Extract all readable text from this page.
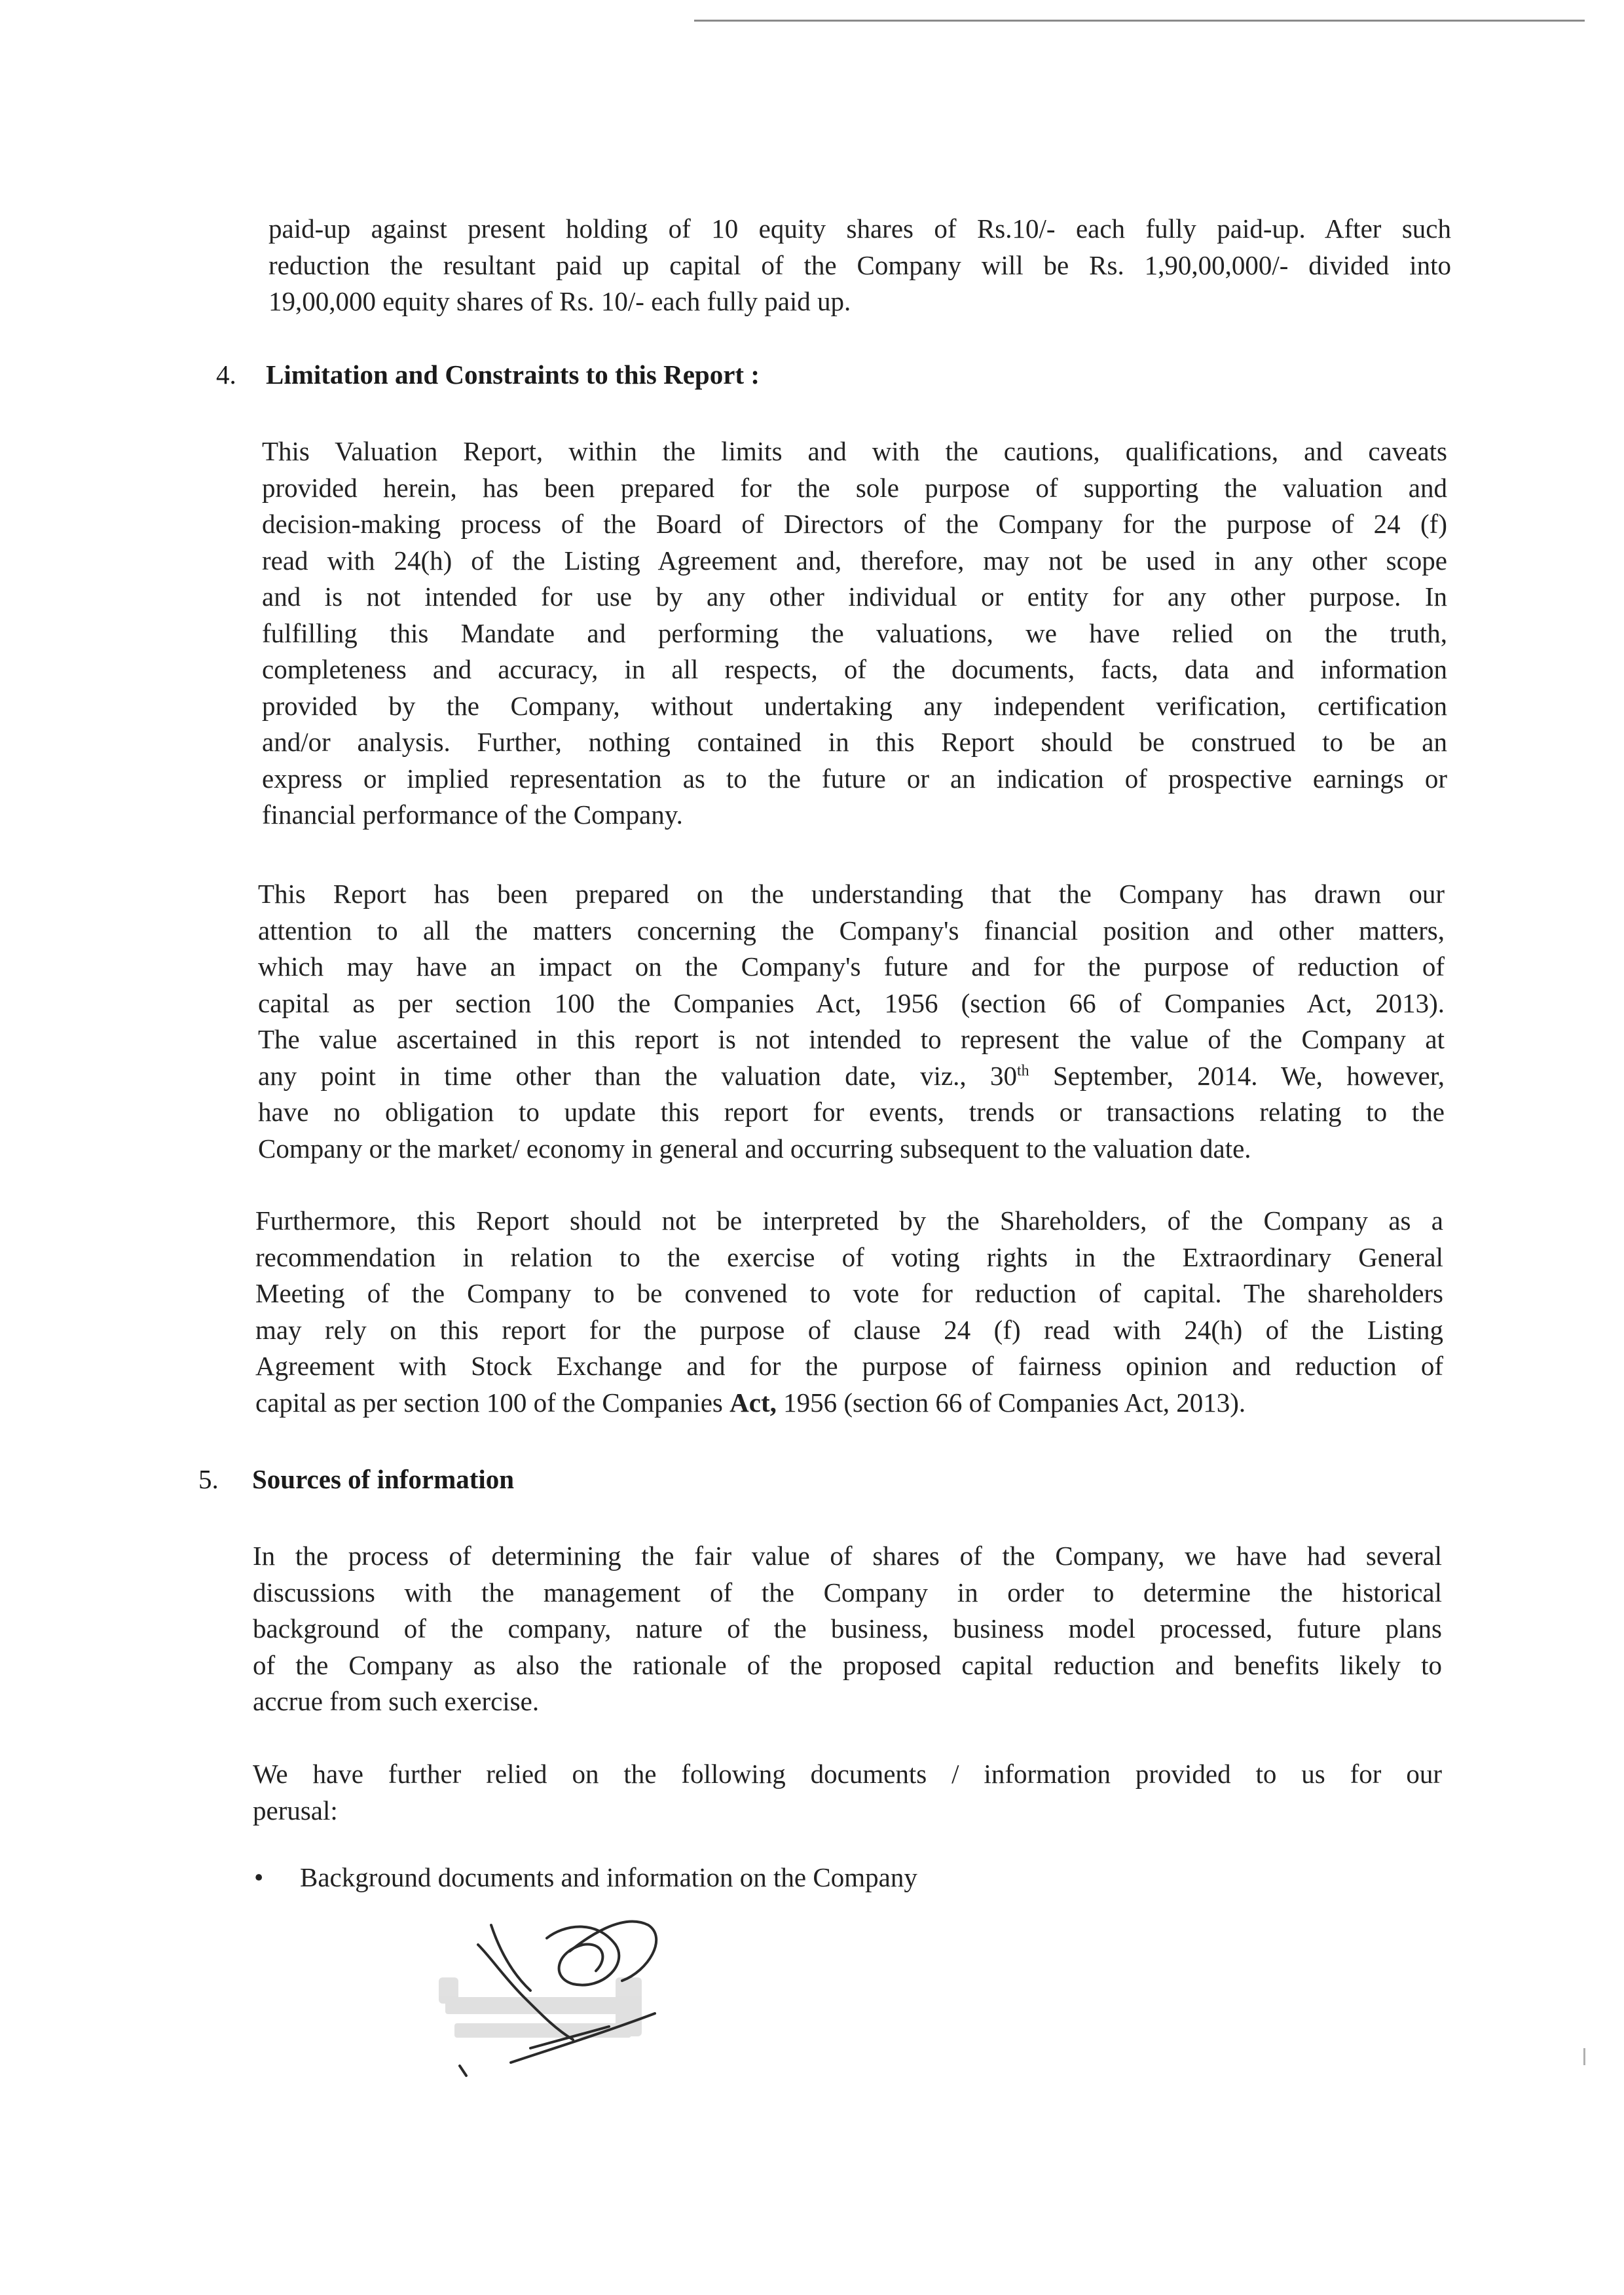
paid-up against present holding of 10 equity shares of Rs.10/- each fully paid-up. After such
reduction the resultant paid up capital of the Company will be Rs. 1,90,00,000/- divided into
19,00,000 equity shares of Rs. 10/- each fully paid up.
4. Limitation and Constraints to this Report :
This Valuation Report, within the limits and with the cautions, qualifications, and caveats
provided herein, has been prepared for the sole purpose of supporting the valuation and
decision-making process of the Board of Directors of the Company for the purpose of 24 (f)
read with 24(h) of the Listing Agreement and, therefore, may not be used in any other scope
and is not intended for use by any other individual or entity for any other purpose. In
fulfilling this Mandate and performing the valuations, we have relied on the truth,
completeness and accuracy, in all respects, of the documents, facts, data and information
provided by the Company, without undertaking any independent verification, certification
and/or analysis. Further, nothing contained in this Report should be construed to be an
express or implied representation as to the future or an indication of prospective earnings or
financial performance of the Company.
This Report has been prepared on the understanding that the Company has drawn our
attention to all the matters concerning the Company's financial position and other matters,
which may have an impact on the Company's future and for the purpose of reduction of
capital as per section 100 the Companies Act, 1956 (section 66 of Companies Act, 2013).
The value ascertained in this report is not intended to represent the value of the Company at
any point in time other than the valuation date, viz., 30th September, 2014. We, however,
have no obligation to update this report for events, trends or transactions relating to the
Company or the market/ economy in general and occurring subsequent to the valuation date.
Furthermore, this Report should not be interpreted by the Shareholders, of the Company as a
recommendation in relation to the exercise of voting rights in the Extraordinary General
Meeting of the Company to be convened to vote for reduction of capital. The shareholders
may rely on this report for the purpose of clause 24 (f) read with 24(h) of the Listing
Agreement with Stock Exchange and for the purpose of fairness opinion and reduction of
capital as per section 100 of the Companies Act, 1956 (section 66 of Companies Act, 2013).
5. Sources of information
In the process of determining the fair value of shares of the Company, we have had several
discussions with the management of the Company in order to determine the historical
background of the company, nature of the business, business model processed, future plans
of the Company as also the rationale of the proposed capital reduction and benefits likely to
accrue from such exercise.
We have further relied on the following documents / information provided to us for our
perusal:
• Background documents and information on the Company
